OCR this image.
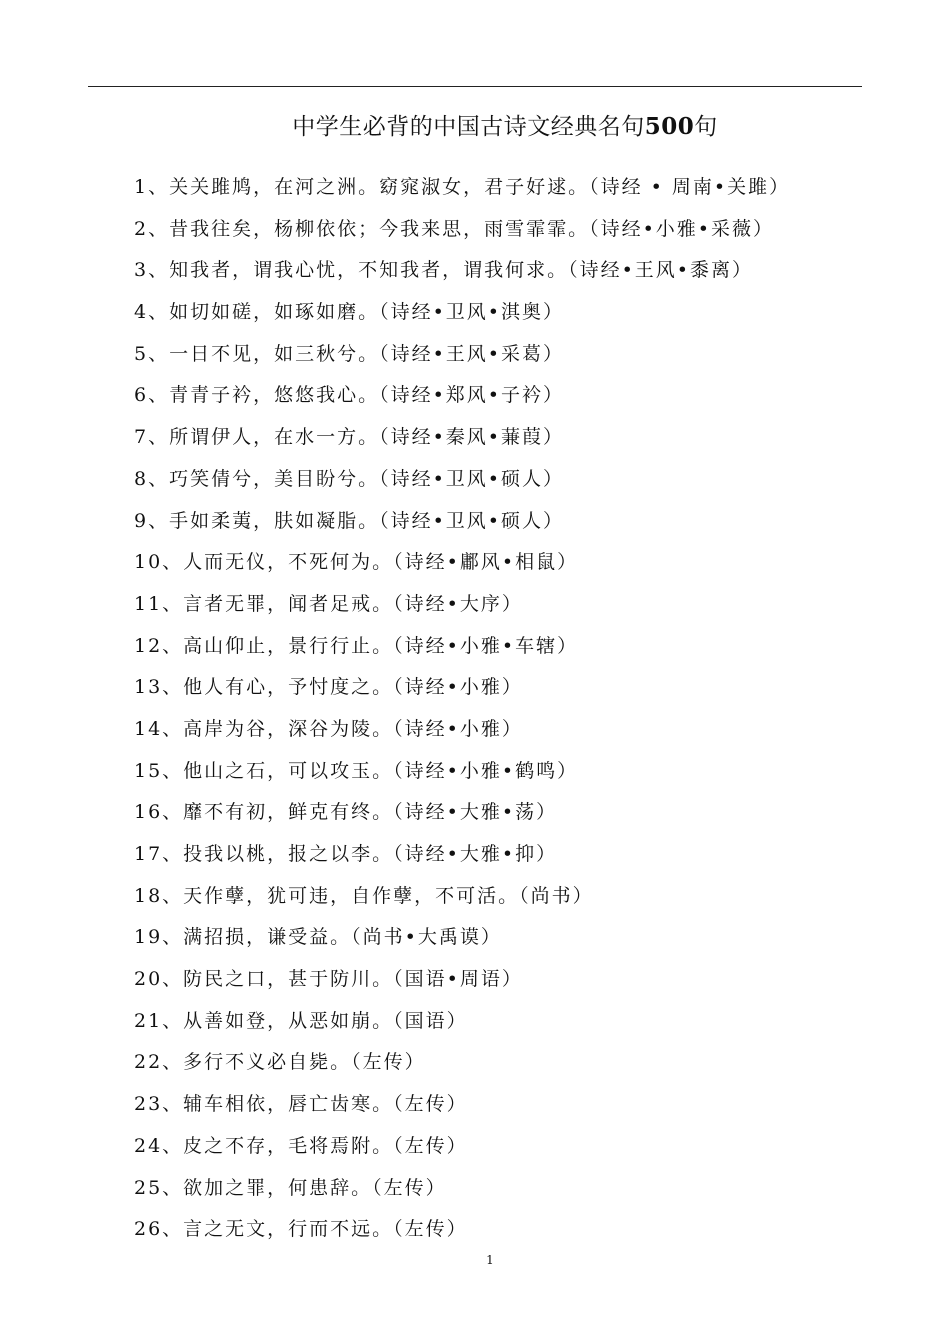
中学生必背的中国古诗文经典名句500句
1、关关雎鸠，在河之洲。窈窕淑女，君子好逑。（诗经 • 周南•关雎）
2、昔我往矣，杨柳依依；今我来思，雨雪霏霏。（诗经•小雅•采薇）
3、知我者，谓我心忧，不知我者，谓我何求。（诗经•王风•黍离）
4、如切如磋，如琢如磨。（诗经•卫风•淇奥）
5、一日不见，如三秋兮。（诗经•王风•采葛）
6、青青子衿，悠悠我心。（诗经•郑风•子衿）
7、所谓伊人，在水一方。（诗经•秦风•蒹葭）
8、巧笑倩兮，美目盼兮。（诗经•卫风•硕人）
9、手如柔荑，肤如凝脂。（诗经•卫风•硕人）
10、人而无仪，不死何为。（诗经•鄘风•相鼠）
11、言者无罪，闻者足戒。（诗经•大序）
12、高山仰止，景行行止。（诗经•小雅•车辖）
13、他人有心，予忖度之。（诗经•小雅）
14、高岸为谷，深谷为陵。（诗经•小雅）
15、他山之石，可以攻玉。（诗经•小雅•鹤鸣）
16、靡不有初，鲜克有终。（诗经•大雅•荡）
17、投我以桃，报之以李。（诗经•大雅•抑）
18、天作孽，犹可违，自作孽，不可活。（尚书）
19、满招损，谦受益。（尚书•大禹谟）
20、防民之口，甚于防川。（国语•周语）
21、从善如登，从恶如崩。（国语）
22、多行不义必自毙。（左传）
23、辅车相依，唇亡齿寒。（左传）
24、皮之不存，毛将焉附。（左传）
25、欲加之罪，何患辞。（左传）
26、言之无文，行而不远。（左传）
1
